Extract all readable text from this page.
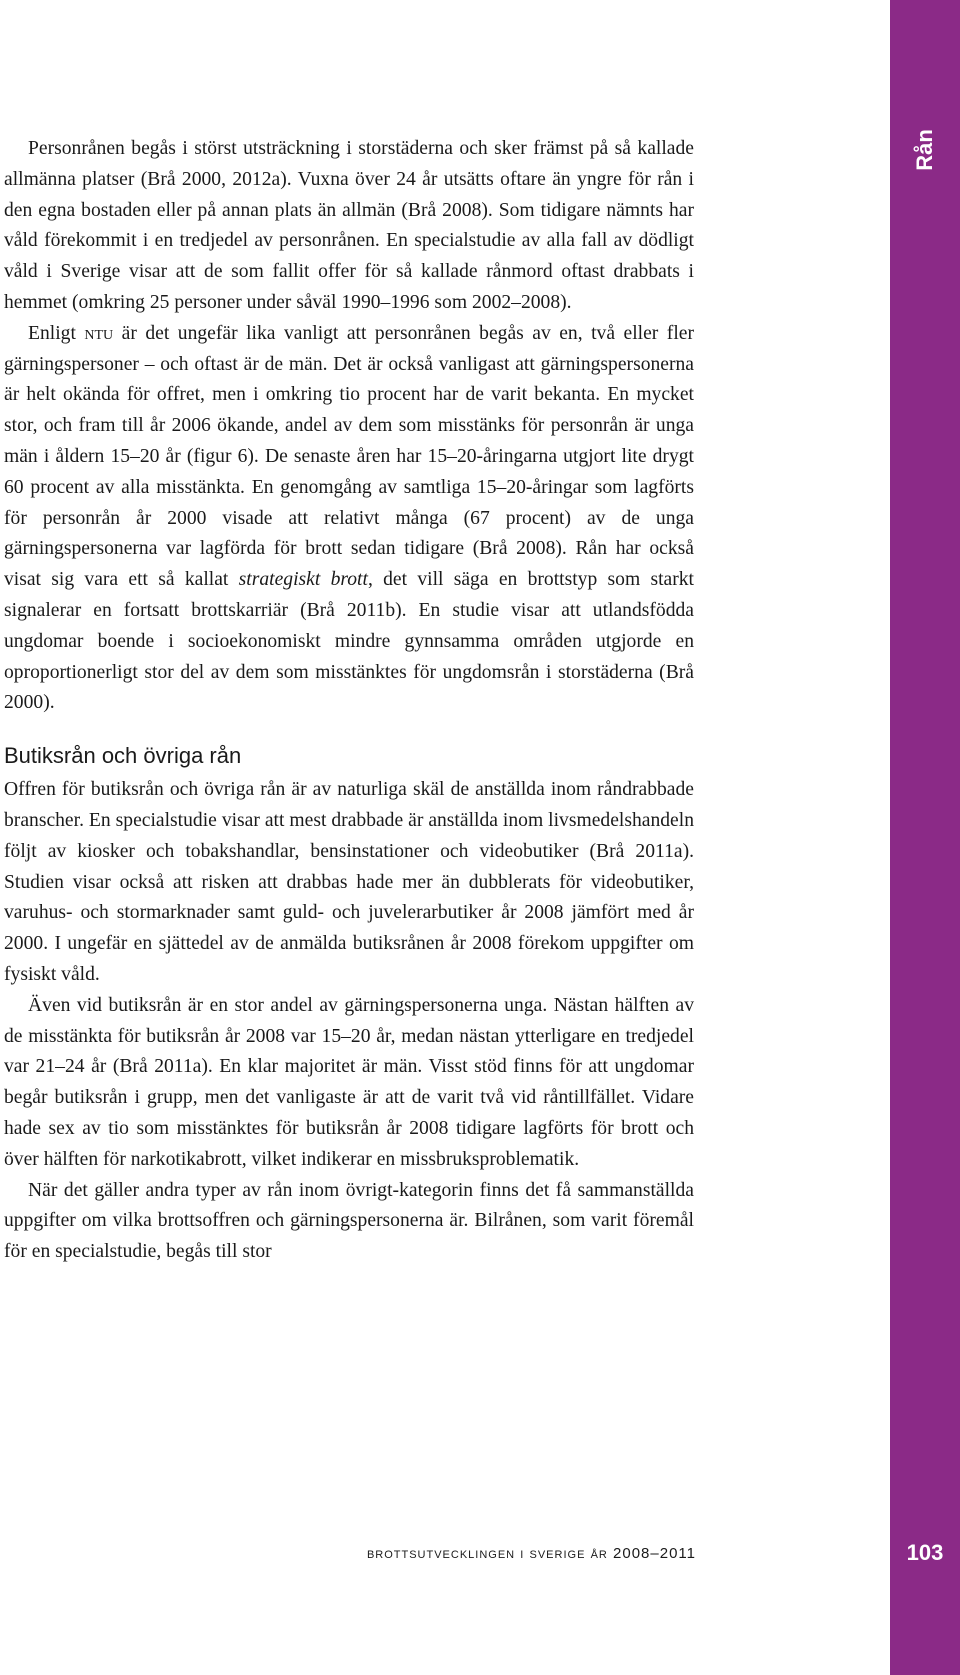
Rån
103

Personrånen begås i störst utsträckning i storstäderna och sker främst på så kallade allmänna platser (Brå 2000, 2012a). Vuxna över 24 år utsätts oftare än yngre för rån i den egna bostaden eller på annan plats än allmän (Brå 2008). Som tidigare nämnts har våld förekommit i en tredjedel av personrånen. En specialstudie av alla fall av dödligt våld i Sverige visar att de som fallit offer för så kallade rånmord oftast drabbats i hemmet (omkring 25 personer under såväl 1990–1996 som 2002–2008).

Enligt ntu är det ungefär lika vanligt att personrånen begås av en, två eller fler gärningspersoner – och oftast är de män. Det är också vanligast att gärningspersonerna är helt okända för offret, men i omkring tio procent har de varit bekanta. En mycket stor, och fram till år 2006 ökande, andel av dem som misstänks för personrån är unga män i åldern 15–20 år (figur 6). De senaste åren har 15–20-åringarna utgjort lite drygt 60 procent av alla misstänkta. En genomgång av samtliga 15–20-åringar som lagförts för personrån år 2000 visade att relativt många (67 procent) av de unga gärningspersonerna var lagförda för brott sedan tidigare (Brå 2008). Rån har också visat sig vara ett så kallat strategiskt brott, det vill säga en brottstyp som starkt signalerar en fortsatt brottskarriär (Brå 2011b). En studie visar att utlandsfödda ungdomar boende i socioekonomiskt mindre gynnsamma områden utgjorde en oproportionerligt stor del av dem som misstänktes för ungdomsrån i storstäderna (Brå 2000).

Butiksrån och övriga rån

Offren för butiksrån och övriga rån är av naturliga skäl de anställda inom råndrabbade branscher. En specialstudie visar att mest drabbade är anställda inom livsmedelshandeln följt av kiosker och tobakshandlar, bensinstationer och videobutiker (Brå 2011a). Studien visar också att risken att drabbas hade mer än dubblerats för videobutiker, varuhus- och stormarknader samt guld- och juvelerarbutiker år 2008 jämfört med år 2000. I ungefär en sjättedel av de anmälda butiksrånen år 2008 förekom uppgifter om fysiskt våld.

Även vid butiksrån är en stor andel av gärningspersonerna unga. Nästan hälften av de misstänkta för butiksrån år 2008 var 15–20 år, medan nästan ytterligare en tredjedel var 21–24 år (Brå 2011a). En klar majoritet är män. Visst stöd finns för att ungdomar begår butiksrån i grupp, men det vanligaste är att de varit två vid råntillfället. Vidare hade sex av tio som misstänktes för butiksrån år 2008 tidigare lagförts för brott och över hälften för narkotikabrott, vilket indikerar en missbruksproblematik.

När det gäller andra typer av rån inom övrigt-kategorin finns det få sammanställda uppgifter om vilka brottsoffren och gärningspersonerna är. Bilrånen, som varit föremål för en specialstudie, begås till stor

brottsutvecklingen i sverige år 2008–2011
